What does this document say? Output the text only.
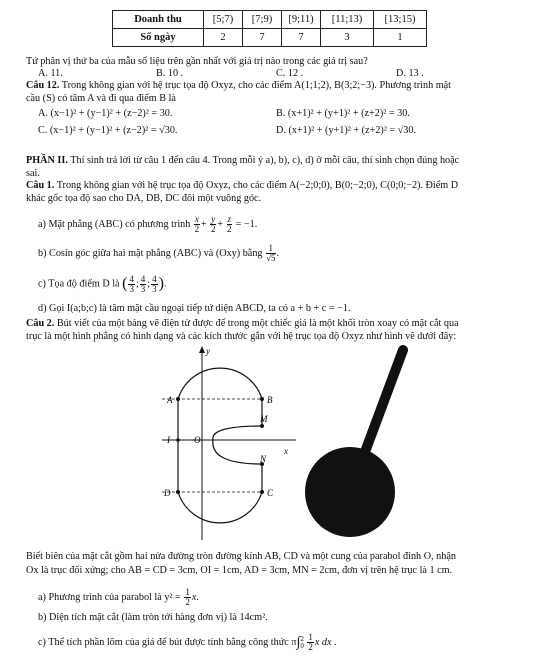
Doanh thu	[5;7)	[7;9)	[9;11)	[11;13)	[13;15)
Số ngày	2	7	7	3	1
Tứ phân vị thứ ba của mẫu số liệu trên gần nhất với giá trị nào trong các giá trị sau?
A. 11.	B. 10 .	C. 12 .	D. 13 .
Câu 12. Trong không gian với hệ trục tọa độ Oxyz, cho các điểm A(1;1;2), B(3;2;−3). Phương trình mặt
cầu (S) có tâm A và đi qua điểm B là
A. (x−1)² + (y−1)² + (z−2)² = 30.	B. (x+1)² + (y+1)² + (z+2)² = 30.
C. (x−1)² + (y−1)² + (z−2)² = √30.	D. (x+1)² + (y+1)² + (z+2)² = √30.
PHẦN II. Thí sinh trả lời từ câu 1 đến câu 4. Trong mỗi ý a), b), c), d) ở mỗi câu, thí sinh chọn đúng hoặc
sai.
Câu 1. Trong không gian với hệ trục tọa độ Oxyz, cho các điểm A(−2;0;0), B(0;−2;0), C(0;0;−2). Điểm D
khác gốc tọa độ sao cho DA, DB, DC đôi một vuông góc.
a) Mặt phẳng (ABC) có phương trình $\frac{x}{2} + \frac{y}{2} + \frac{z}{2} = -1$.
b) Cosin góc giữa hai mặt phẳng (ABC) và (Oxy) bằng $\frac{1}{√5}$ .
c) Tọa độ điểm D là ( $\frac{4}{3}$ ; $\frac{4}{3}$ ; $\frac{4}{3}$ ).
d) Gọi I(a;b;c) là tâm mặt cầu ngoại tiếp tứ diện ABCD, ta có a + b + c = −1.
Câu 2. Bút viết của một bảng vẽ điện tử được để trong một chiếc giá là một khối tròn xoay có mặt cắt qua
trục là một hình phẳng có hình dạng và các kích thước gắn với hệ trục tọa độ Oxyz như hình vẽ dưới đây:
y
x
A	B
M
I	O
N
D	C
Biết biên của mặt cắt gồm hai nửa đường tròn đường kính AB, CD và một cung của parabol đỉnh O, nhận
Ox là trục đối xứng; cho AB = CD = 3cm, OI = 1cm, AD = 3cm, MN = 2cm, đơn vị trên hệ trục là 1 cm.
a) Phương trình của parabol là $y^2 = \frac{1}{2} x$.
b) Diện tích mặt cắt (làm tròn tới hàng đơn vị) là 14cm².
c) Thể tích phần lõm của giá để bút được tính bằng công thức π∫ 2
0
$\frac{1}{2}$ x dx .
